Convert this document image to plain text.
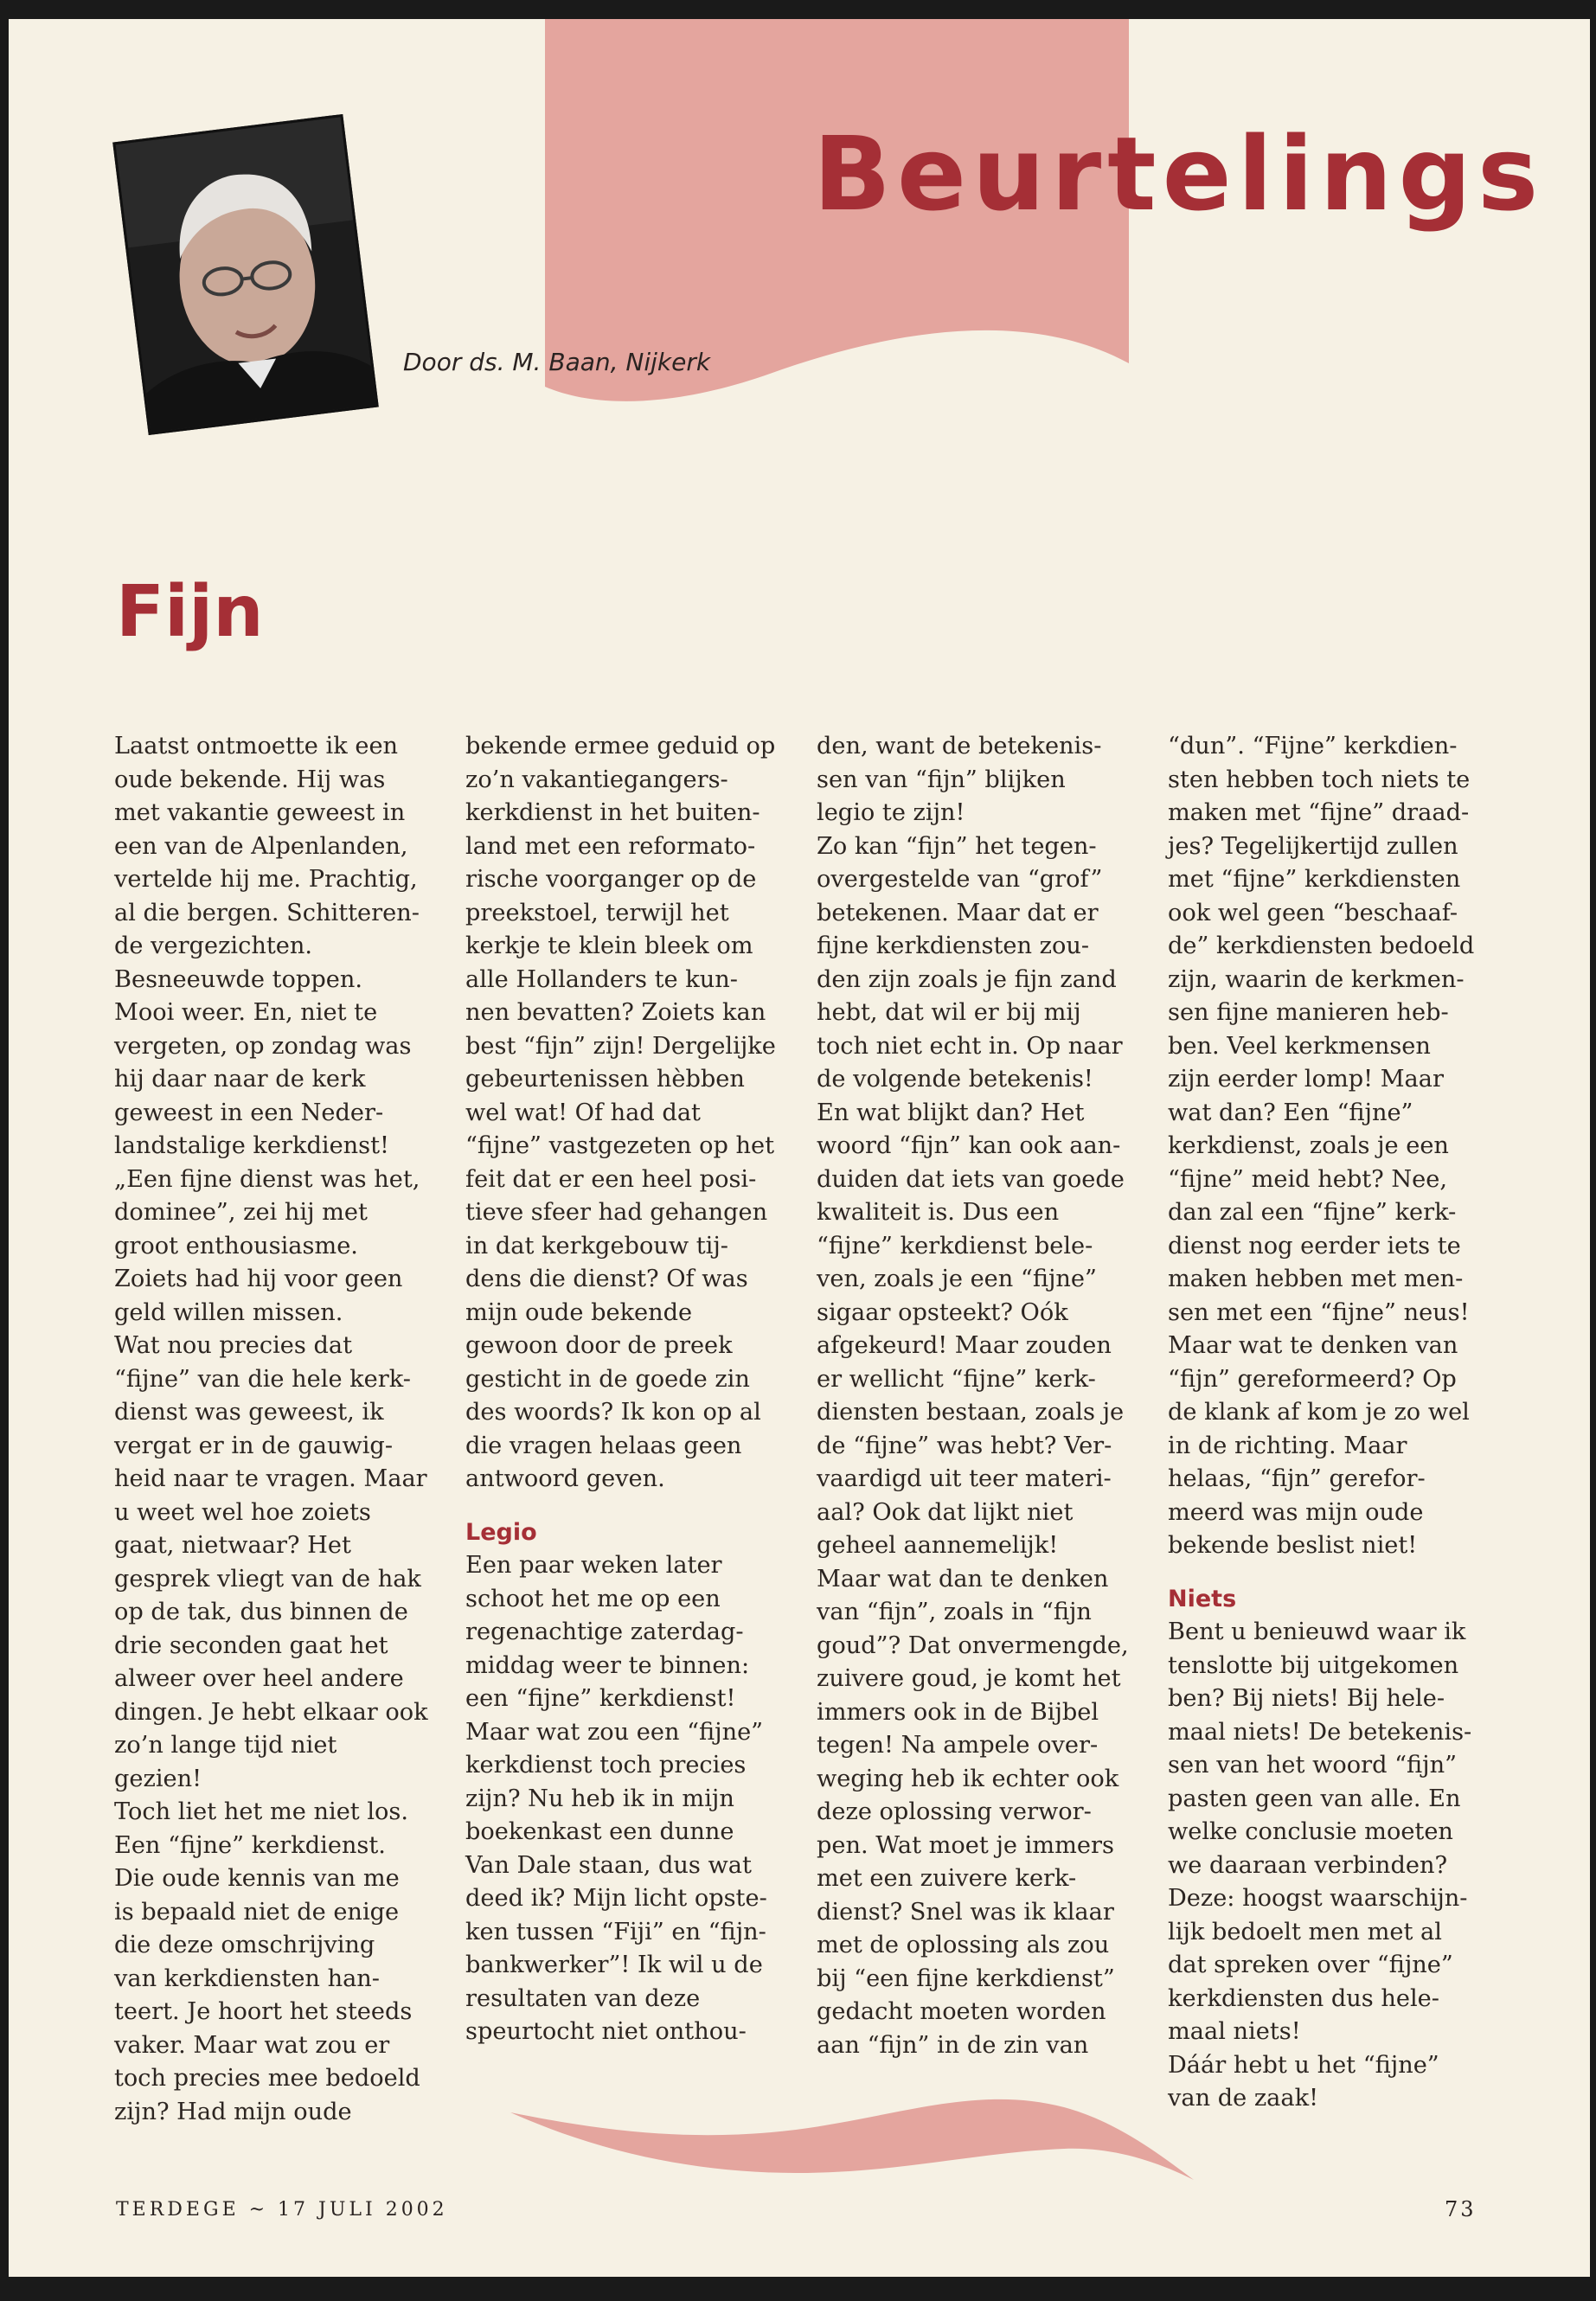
Beurtelings
Door ds. M. Baan, Nijkerk
Fijn

Laatst ontmoette ik een
oude bekende. Hij was
met vakantie geweest in
een van de Alpenlanden,
vertelde hij me. Prachtig,
al die bergen. Schitteren-
de vergezichten.
Besneeuwde toppen.
Mooi weer. En, niet te
vergeten, op zondag was
hij daar naar de kerk
geweest in een Neder-
landstalige kerkdienst!
„Een fijne dienst was het,
dominee”, zei hij met
groot enthousiasme.
Zoiets had hij voor geen
geld willen missen.
Wat nou precies dat
“fijne” van die hele kerk-
dienst was geweest, ik
vergat er in de gauwig-
heid naar te vragen. Maar
u weet wel hoe zoiets
gaat, nietwaar? Het
gesprek vliegt van de hak
op de tak, dus binnen de
drie seconden gaat het
alweer over heel andere
dingen. Je hebt elkaar ook
zo’n lange tijd niet
gezien!
Toch liet het me niet los.
Een “fijne” kerkdienst.
Die oude kennis van me
is bepaald niet de enige
die deze omschrijving
van kerkdiensten han-
teert. Je hoort het steeds
vaker. Maar wat zou er
toch precies mee bedoeld
zijn? Had mijn oude

bekende ermee geduid op
zo’n vakantiegangers-
kerkdienst in het buiten-
land met een reformato-
rische voorganger op de
preekstoel, terwijl het
kerkje te klein bleek om
alle Hollanders te kun-
nen bevatten? Zoiets kan
best “fijn” zijn! Dergelijke
gebeurtenissen hèbben
wel wat! Of had dat
“fijne” vastgezeten op het
feit dat er een heel posi-
tieve sfeer had gehangen
in dat kerkgebouw tij-
dens die dienst? Of was
mijn oude bekende
gewoon door de preek
gesticht in de goede zin
des woords? Ik kon op al
die vragen helaas geen
antwoord geven.

Legio

Een paar weken later
schoot het me op een
regenachtige zaterdag-
middag weer te binnen:
een “fijne” kerkdienst!
Maar wat zou een “fijne”
kerkdienst toch precies
zijn? Nu heb ik in mijn
boekenkast een dunne
Van Dale staan, dus wat
deed ik? Mijn licht opste-
ken tussen “Fiji” en “fijn-
bankwerker”! Ik wil u de
resultaten van deze
speurtocht niet onthou-

den, want de betekenis-
sen van “fijn” blijken
legio te zijn!
Zo kan “fijn” het tegen-
overgestelde van “grof”
betekenen. Maar dat er
fijne kerkdiensten zou-
den zijn zoals je fijn zand
hebt, dat wil er bij mij
toch niet echt in. Op naar
de volgende betekenis!
En wat blijkt dan? Het
woord “fijn” kan ook aan-
duiden dat iets van goede
kwaliteit is. Dus een
“fijne” kerkdienst bele-
ven, zoals je een “fijne”
sigaar opsteekt? Oók
afgekeurd! Maar zouden
er wellicht “fijne” kerk-
diensten bestaan, zoals je
de “fijne” was hebt? Ver-
vaardigd uit teer materi-
aal? Ook dat lijkt niet
geheel aannemelijk!
Maar wat dan te denken
van “fijn”, zoals in “fijn
goud”? Dat onvermengde,
zuivere goud, je komt het
immers ook in de Bijbel
tegen! Na ampele over-
weging heb ik echter ook
deze oplossing verwor-
pen. Wat moet je immers
met een zuivere kerk-
dienst? Snel was ik klaar
met de oplossing als zou
bij “een fijne kerkdienst”
gedacht moeten worden
aan “fijn” in de zin van

“dun”. “Fijne” kerkdien-
sten hebben toch niets te
maken met “fijne” draad-
jes? Tegelijkertijd zullen
met “fijne” kerkdiensten
ook wel geen “beschaaf-
de” kerkdiensten bedoeld
zijn, waarin de kerkmen-
sen fijne manieren heb-
ben. Veel kerkmensen
zijn eerder lomp! Maar
wat dan? Een “fijne”
kerkdienst, zoals je een
“fijne” meid hebt? Nee,
dan zal een “fijne” kerk-
dienst nog eerder iets te
maken hebben met men-
sen met een “fijne” neus!
Maar wat te denken van
“fijn” gereformeerd? Op
de klank af kom je zo wel
in de richting. Maar
helaas, “fijn” gerefor-
meerd was mijn oude
bekende beslist niet!

Niets

Bent u benieuwd waar ik
tenslotte bij uitgekomen
ben? Bij niets! Bij hele-
maal niets! De betekenis-
sen van het woord “fijn”
pasten geen van alle. En
welke conclusie moeten
we daaraan verbinden?
Deze: hoogst waarschijn-
lijk bedoelt men met al
dat spreken over “fijne”
kerkdiensten dus hele-
maal niets!
Dáár hebt u het “fijne”
van de zaak!

TERDEGE ~ 17 JULI 2002	73
